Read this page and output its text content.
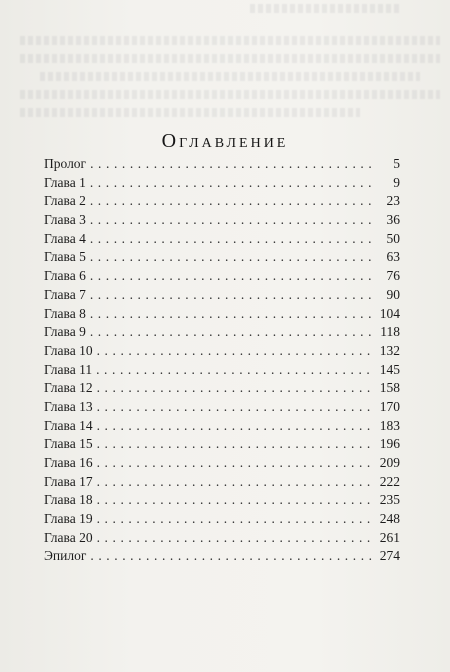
Оглавление
Пролог . . .	5
Глава 1 . . .	9
Глава 2 . . .	23
Глава 3 . . .	36
Глава 4 . . .	50
Глава 5 . . .	63
Глава 6 . . .	76
Глава 7 . . .	90
Глава 8 . . .	104
Глава 9 . . .	118
Глава 10 . . .	132
Глава 11 . . .	145
Глава 12 . . .	158
Глава 13 . . .	170
Глава 14 . . .	183
Глава 15 . . .	196
Глава 16 . . .	209
Глава 17 . . .	222
Глава 18 . . .	235
Глава 19 . . .	248
Глава 20 . . .	261
Эпилог . . .	274
